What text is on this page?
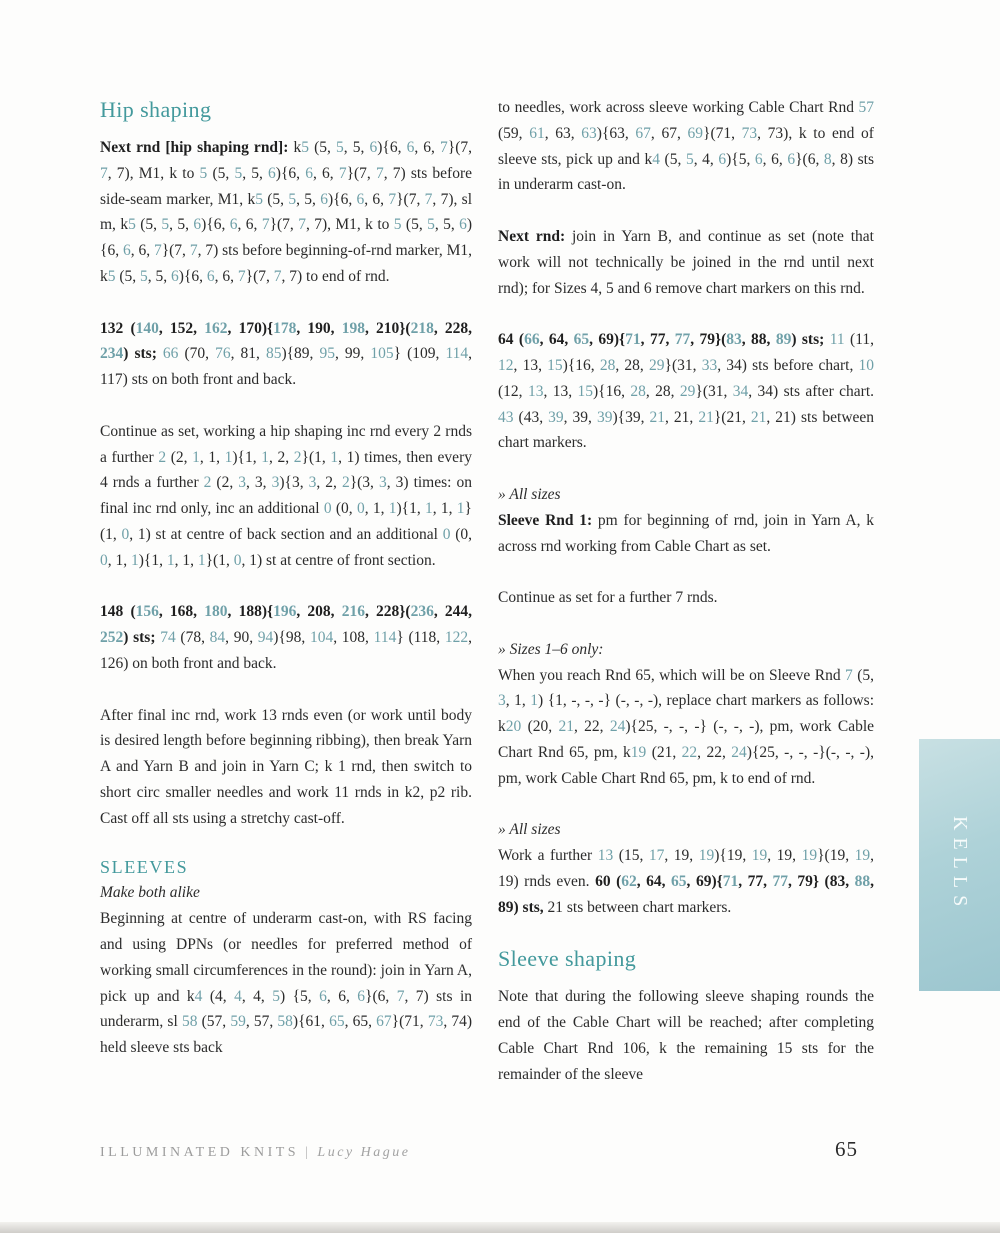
Hip shaping

Next rnd [hip shaping rnd]: k5 (5, 5, 5, 6){6, 6, 6, 7}(7, 7, 7), M1, k to 5 (5, 5, 5, 6){6, 6, 6, 7}(7, 7, 7) sts before side-seam marker, M1, k5 (5, 5, 5, 6){6, 6, 6, 7}(7, 7, 7), sl m, k5 (5, 5, 5, 6){6, 6, 6, 7}(7, 7, 7), M1, k to 5 (5, 5, 5, 6){6, 6, 6, 7}(7, 7, 7) sts before beginning-of-rnd marker, M1, k5 (5, 5, 5, 6){6, 6, 6, 7}(7, 7, 7) to end of rnd.

132 (140, 152, 162, 170){178, 190, 198, 210}(218, 228, 234) sts; 66 (70, 76, 81, 85){89, 95, 99, 105} (109, 114, 117) sts on both front and back.

Continue as set, working a hip shaping inc rnd every 2 rnds a further 2 (2, 1, 1, 1){1, 1, 2, 2}(1, 1, 1) times, then every 4 rnds a further 2 (2, 3, 3, 3){3, 3, 2, 2}(3, 3, 3) times: on final inc rnd only, inc an additional 0 (0, 0, 1, 1){1, 1, 1, 1}(1, 0, 1) st at centre of back section and an additional 0 (0, 0, 1, 1){1, 1, 1, 1}(1, 0, 1) st at centre of front section.

148 (156, 168, 180, 188){196, 208, 216, 228}(236, 244, 252) sts; 74 (78, 84, 90, 94){98, 104, 108, 114} (118, 122, 126) on both front and back.

After final inc rnd, work 13 rnds even (or work until body is desired length before beginning ribbing), then break Yarn A and Yarn B and join in Yarn C; k 1 rnd, then switch to short circ smaller needles and work 11 rnds in k2, p2 rib. Cast off all sts using a stretchy cast-off.

SLEEVES

Make both alike

Beginning at centre of underarm cast-on, with RS facing and using DPNs (or needles for preferred method of working small circumferences in the round): join in Yarn A, pick up and k4 (4, 4, 4, 5) {5, 6, 6, 6}(6, 7, 7) sts in underarm, sl 58 (57, 59, 57, 58){61, 65, 65, 67}(71, 73, 74) held sleeve sts back

to needles, work across sleeve working Cable Chart Rnd 57 (59, 61, 63, 63){63, 67, 67, 69}(71, 73, 73), k to end of sleeve sts, pick up and k4 (5, 5, 4, 6){5, 6, 6, 6}(6, 8, 8) sts in underarm cast-on.

Next rnd: join in Yarn B, and continue as set (note that work will not technically be joined in the rnd until next rnd); for Sizes 4, 5 and 6 remove chart markers on this rnd.

64 (66, 64, 65, 69){71, 77, 77, 79}(83, 88, 89) sts; 11 (11, 12, 13, 15){16, 28, 28, 29}(31, 33, 34) sts before chart, 10 (12, 13, 13, 15){16, 28, 28, 29}(31, 34, 34) sts after chart. 43 (43, 39, 39, 39){39, 21, 21, 21}(21, 21, 21) sts between chart markers.

» All sizes

Sleeve Rnd 1: pm for beginning of rnd, join in Yarn A, k across rnd working from Cable Chart as set.

Continue as set for a further 7 rnds.

» Sizes 1–6 only:

When you reach Rnd 65, which will be on Sleeve Rnd 7 (5, 3, 1, 1) {1, -, -, -} (-, -, -), replace chart markers as follows: k20 (20, 21, 22, 24){25, -, -, -} (-, -, -), pm, work Cable Chart Rnd 65, pm, k19 (21, 22, 22, 24){25, -, -, -}(-, -, -), pm, work Cable Chart Rnd 65, pm, k to end of rnd.

» All sizes

Work a further 13 (15, 17, 19, 19){19, 19, 19, 19}(19, 19, 19) rnds even. 60 (62, 64, 65, 69){71, 77, 77, 79} (83, 88, 89) sts, 21 sts between chart markers.

Sleeve shaping

Note that during the following sleeve shaping rounds the end of the Cable Chart will be reached; after completing Cable Chart Rnd 106, k the remaining 15 sts for the remainder of the sleeve

ILLUMINATED KNITS | Lucy Hague	65
KELLS
